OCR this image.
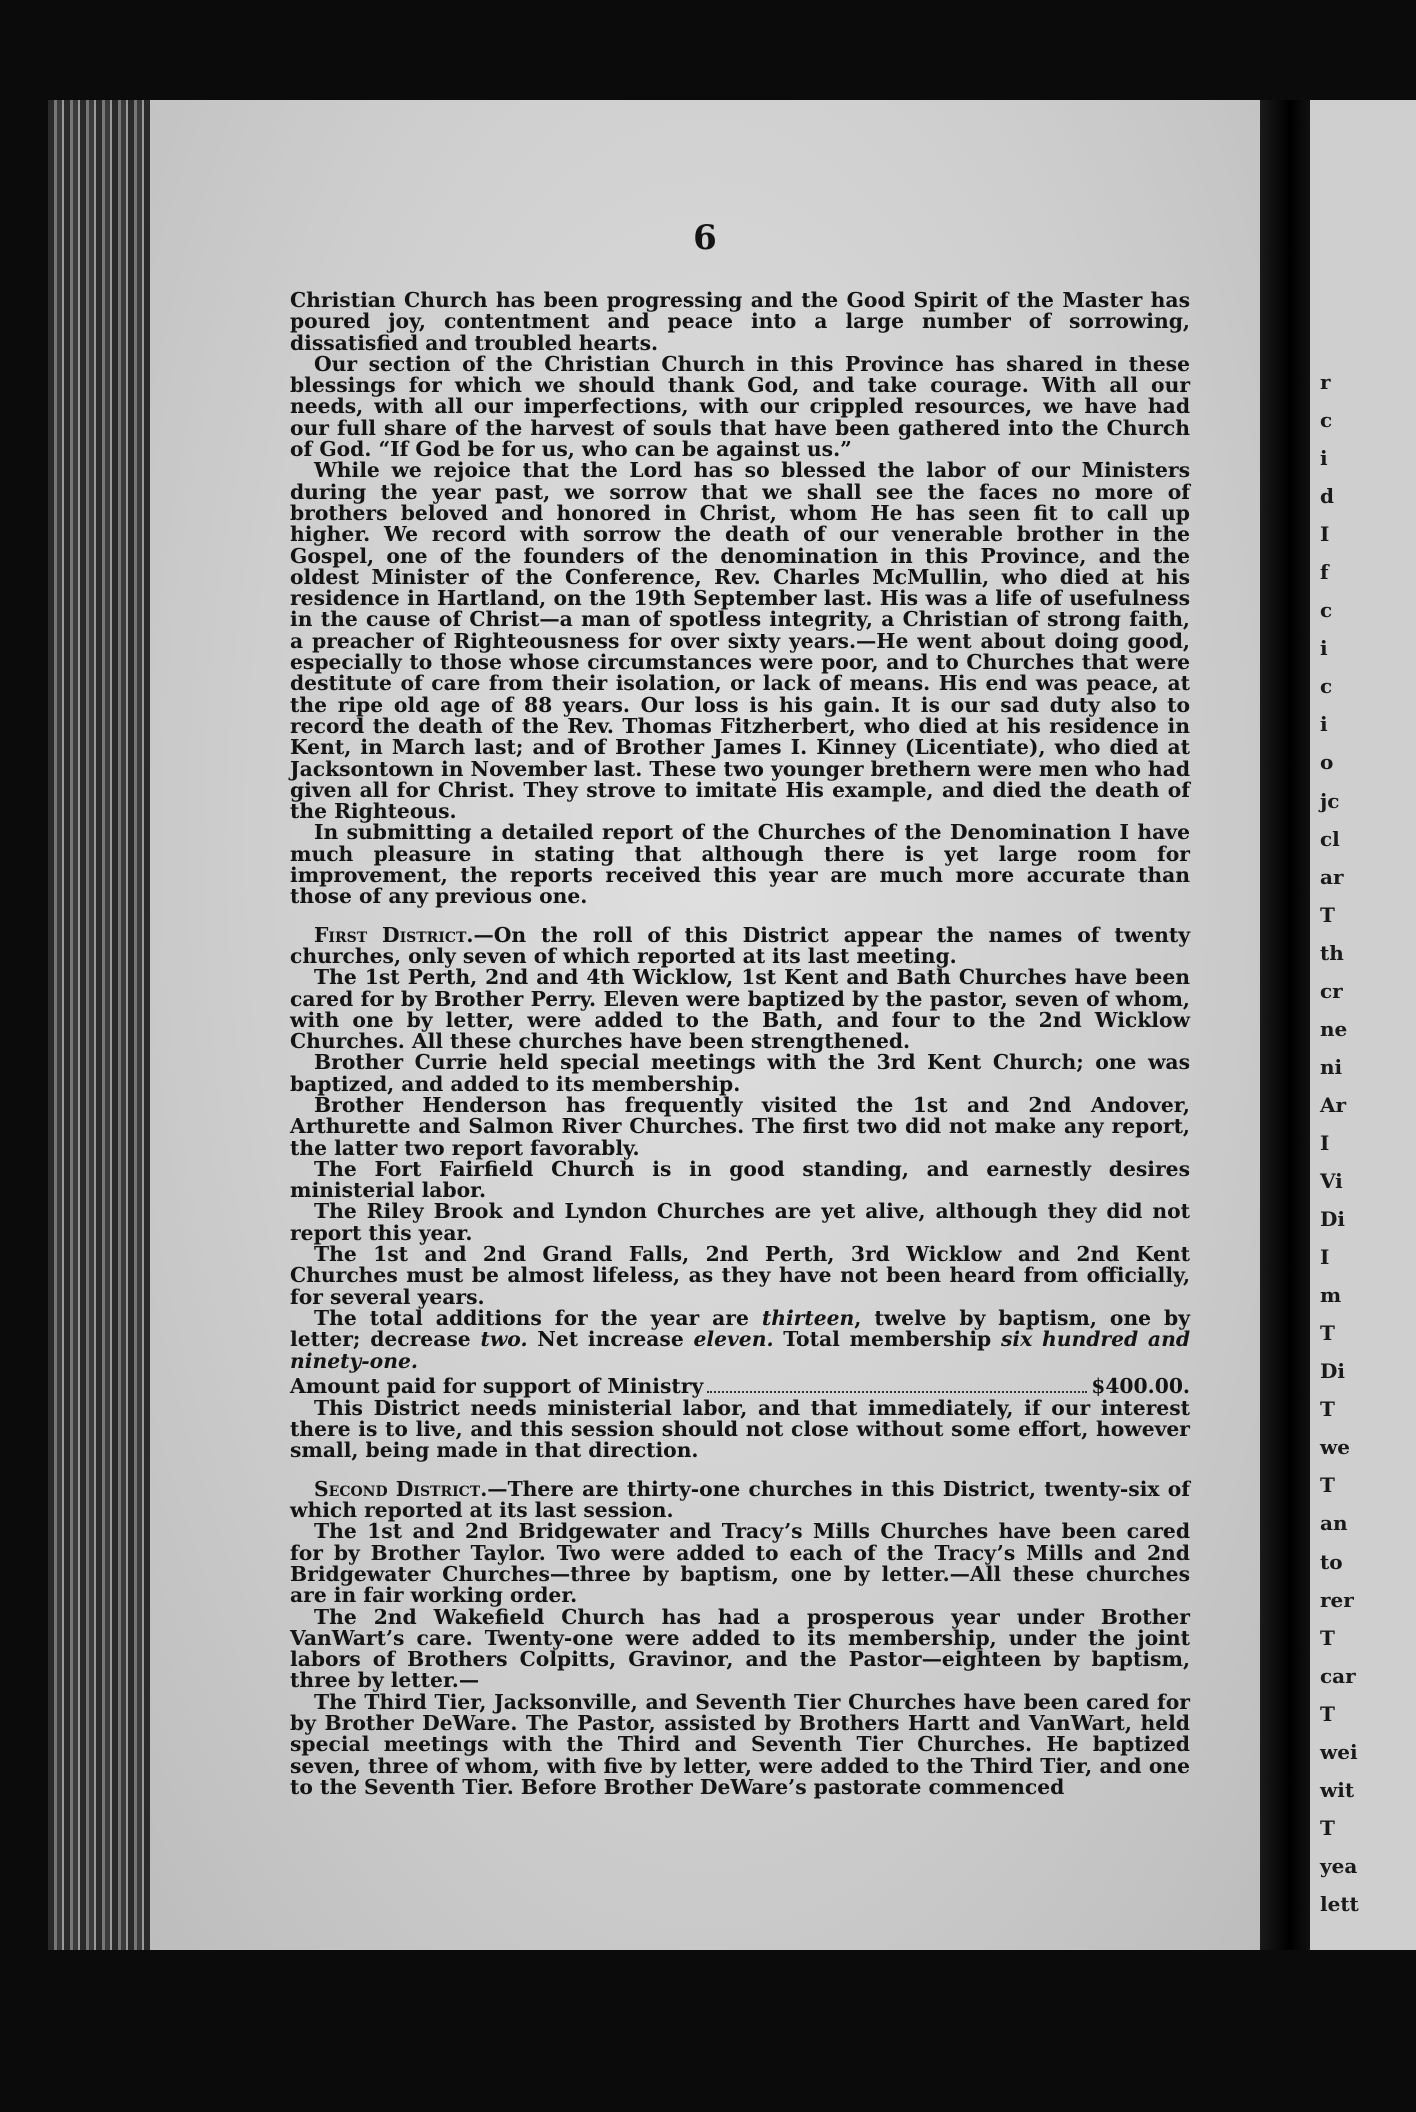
6

Christian Church has been progressing and the Good Spirit of the Master has poured joy, contentment and peace into a large number of sorrowing, dissatisfied and troubled hearts.

Our section of the Christian Church in this Province has shared in these blessings for which we should thank God, and take courage. With all our needs, with all our imperfections, with our crippled resources, we have had our full share of the harvest of souls that have been gathered into the Church of God. “If God be for us, who can be against us.”

While we rejoice that the Lord has so blessed the labor of our Ministers during the year past, we sorrow that we shall see the faces no more of brothers beloved and honored in Christ, whom He has seen fit to call up higher. We record with sorrow the death of our venerable brother in the Gospel, one of the founders of the denomination in this Province, and the oldest Minister of the Conference, Rev. Charles McMullin, who died at his residence in Hartland, on the 19th September last. His was a life of usefulness in the cause of Christ—a man of spotless integrity, a Christian of strong faith, a preacher of Righteousness for over sixty years.—He went about doing good, especially to those whose circumstances were poor, and to Churches that were destitute of care from their isolation, or lack of means. His end was peace, at the ripe old age of 88 years. Our loss is his gain. It is our sad duty also to record the death of the Rev. Thomas Fitzherbert, who died at his residence in Kent, in March last; and of Brother James I. Kinney (Licentiate), who died at Jacksontown in November last. These two younger brethern were men who had given all for Christ. They strove to imitate His example, and died the death of the Righteous.

In submitting a detailed report of the Churches of the Denomination I have much pleasure in stating that although there is yet large room for improvement, the reports received this year are much more accurate than those of any previous one.

First District.—On the roll of this District appear the names of twenty churches, only seven of which reported at its last meeting.

The 1st Perth, 2nd and 4th Wicklow, 1st Kent and Bath Churches have been cared for by Brother Perry. Eleven were baptized by the pastor, seven of whom, with one by letter, were added to the Bath, and four to the 2nd Wicklow Churches. All these churches have been strengthened.

Brother Currie held special meetings with the 3rd Kent Church; one was baptized, and added to its membership.

Brother Henderson has frequently visited the 1st and 2nd Andover, Arthurette and Salmon River Churches. The first two did not make any report, the latter two report favorably.

The Fort Fairfield Church is in good standing, and earnestly desires ministerial labor.

The Riley Brook and Lyndon Churches are yet alive, although they did not report this year.

The 1st and 2nd Grand Falls, 2nd Perth, 3rd Wicklow and 2nd Kent Churches must be almost lifeless, as they have not been heard from officially, for several years.

The total additions for the year are thirteen, twelve by baptism, one by letter; decrease two. Net increase eleven. Total membership six hundred and ninety-one.

Amount paid for support of Ministry	$400.00.

This District needs ministerial labor, and that immediately, if our interest there is to live, and this session should not close without some effort, however small, being made in that direction.

Second District.—There are thirty-one churches in this District, twenty-six of which reported at its last session.

The 1st and 2nd Bridgewater and Tracy’s Mills Churches have been cared for by Brother Taylor. Two were added to each of the Tracy’s Mills and 2nd Bridgewater Churches—three by baptism, one by letter.—All these churches are in fair working order.

The 2nd Wakefield Church has had a prosperous year under Brother VanWart’s care. Twenty-one were added to its membership, under the joint labors of Brothers Colpitts, Gravinor, and the Pastor—eighteen by baptism, three by letter.—

The Third Tier, Jacksonville, and Seventh Tier Churches have been cared for by Brother DeWare. The Pastor, assisted by Brothers Hartt and VanWart, held special meetings with the Third and Seventh Tier Churches. He baptized seven, three of whom, with five by letter, were added to the Third Tier, and one to the Seventh Tier. Before Brother DeWare’s pastorate commenced

r
c
i
d
I
f
c
i
c
i
o
jc
cl
ar
T
th
cr
ne
ni
Ar
I
Vi
Di
I
m
T
Di
T
we
T
an
to
rer
T
car
T
wei
wit
T
yea
lett
